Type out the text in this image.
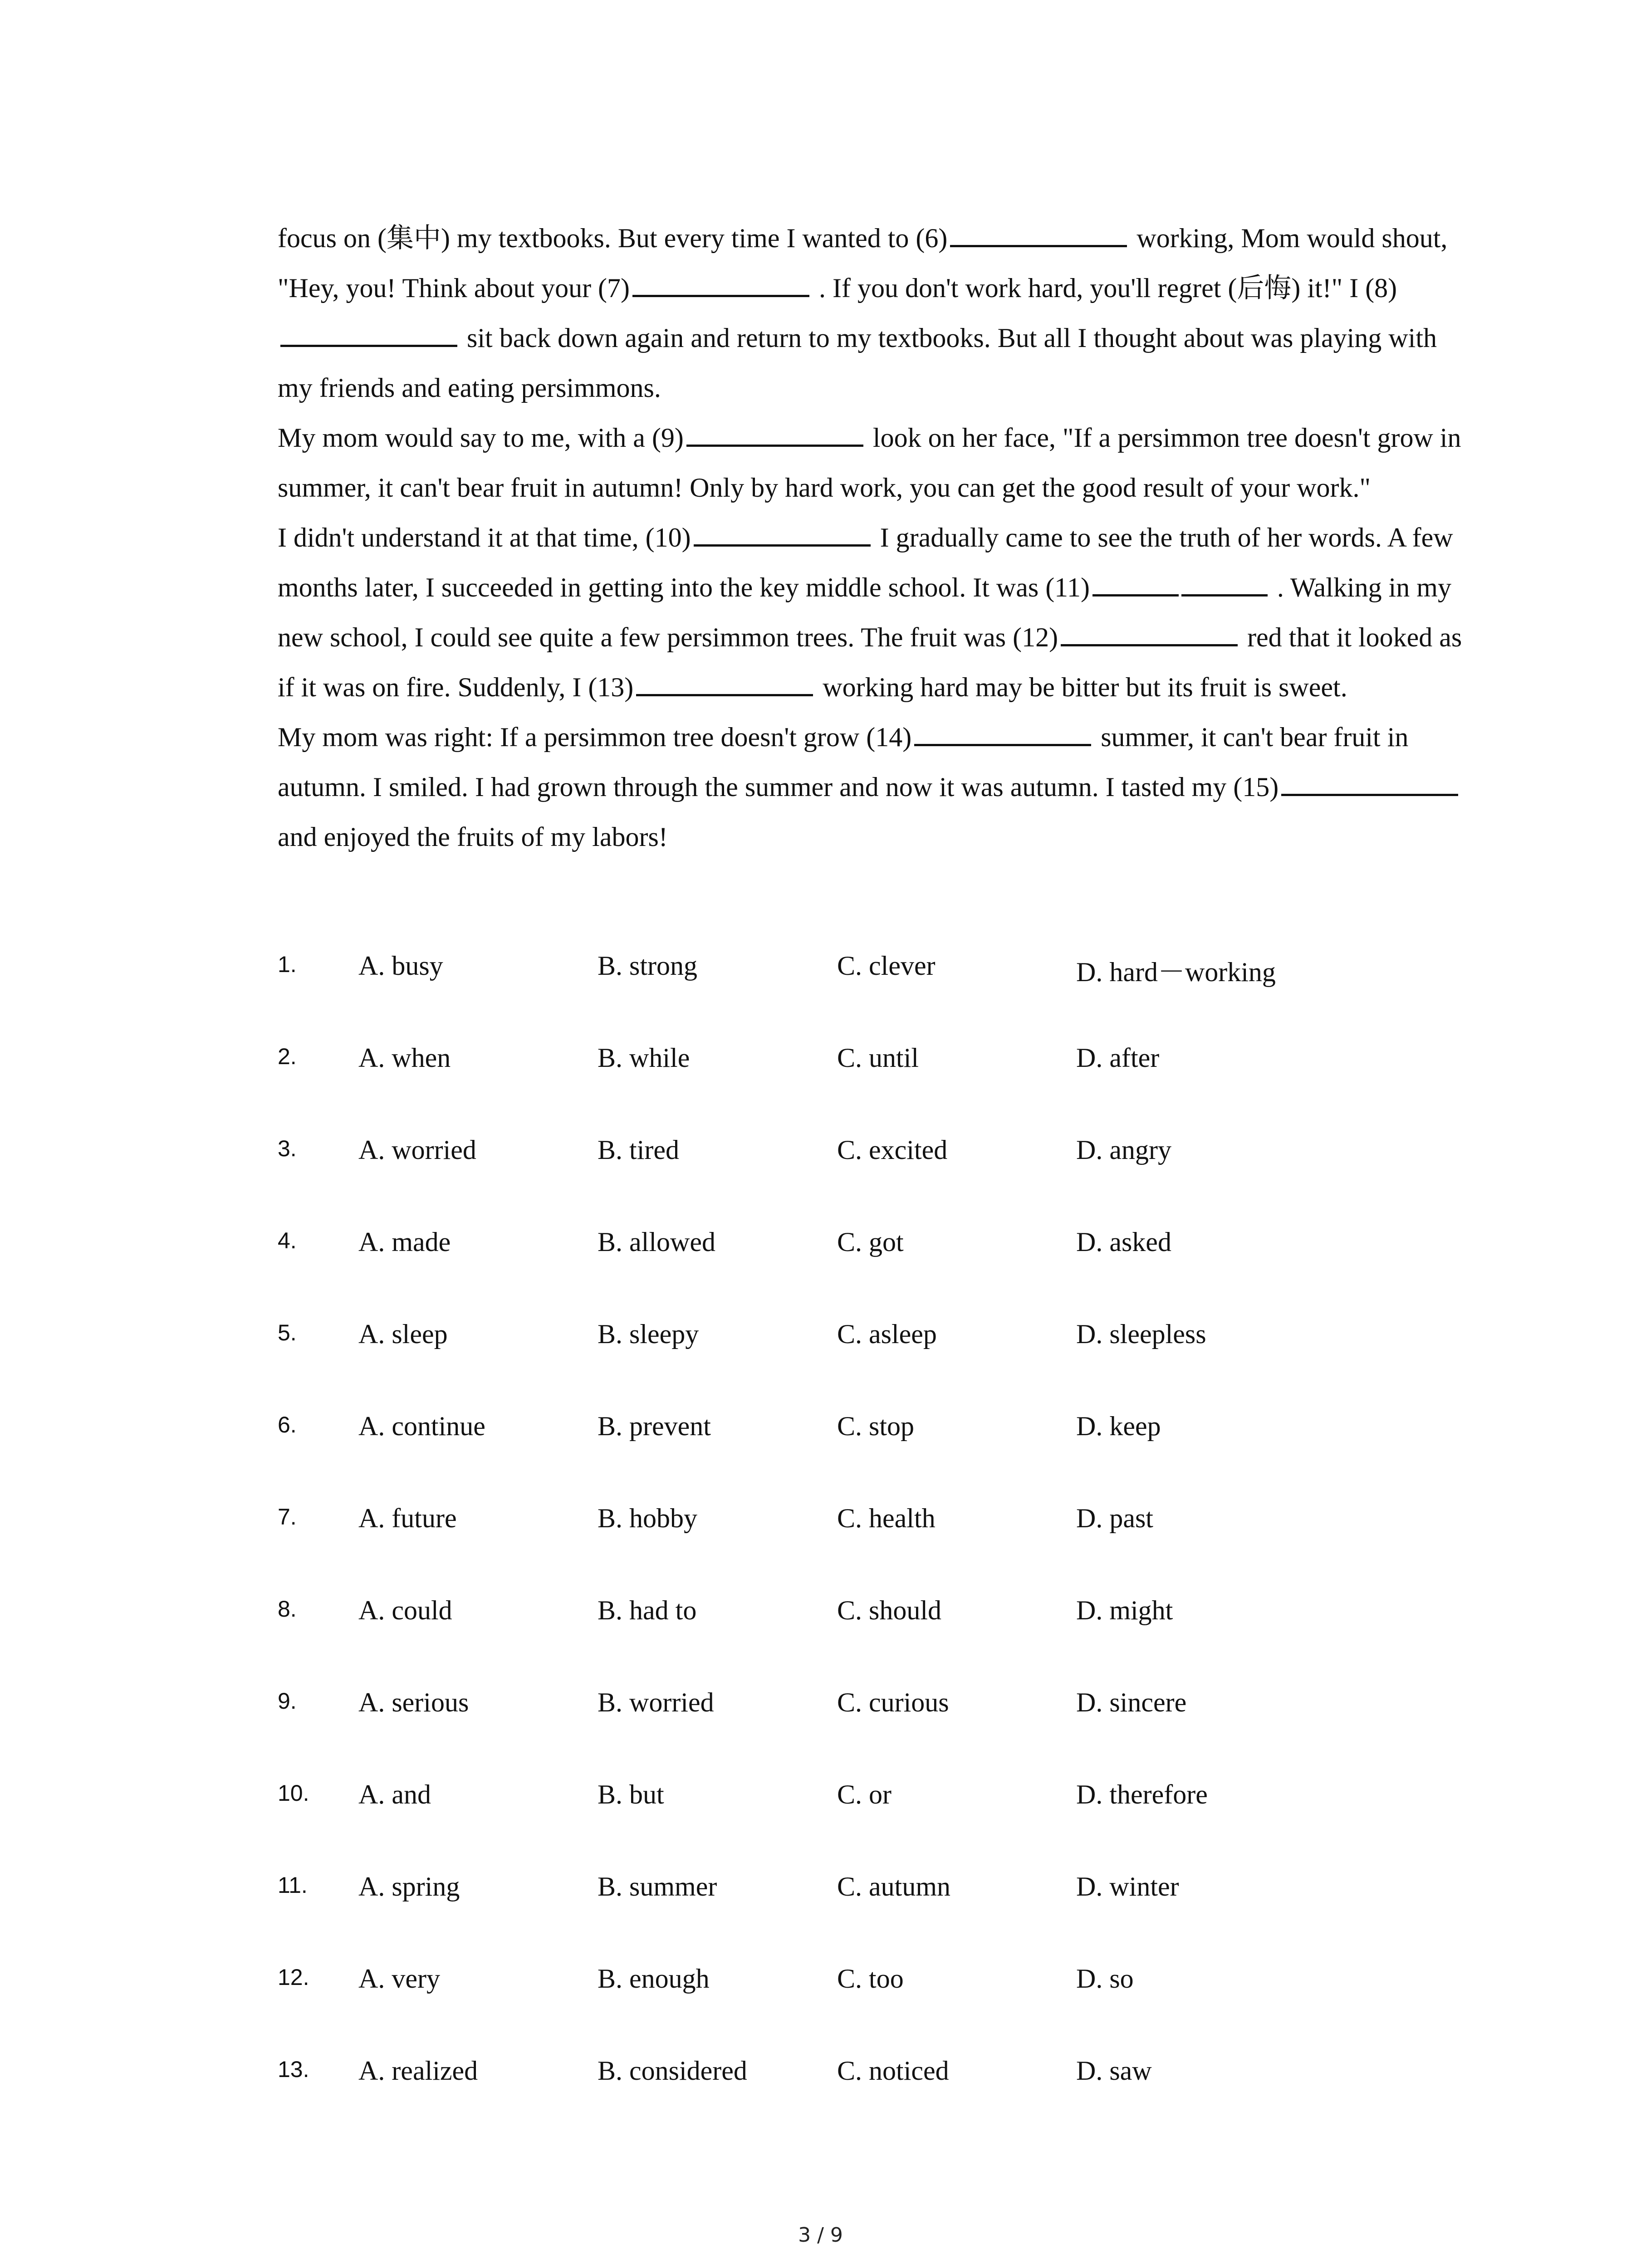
focus on (集中) my textbooks. But every time I wanted to (6)	working, Mom would shout, "Hey, you! Think about your (7)	. If you don't work hard, you'll regret (后悔) it!" I (8) sit back down again and return to my textbooks. But all I thought about was playing with my friends and eating persimmons.

My mom would say to me, with a (9)	look on her face, "If a persimmon tree doesn't grow in summer, it can't bear fruit in autumn! Only by hard work, you can get the good result of your work."

I didn't understand it at that time, (10)	I gradually came to see the truth of her words. A few months later, I succeeded in getting into the key middle school. It was (11)	. Walking in my new school, I could see quite a few persimmon trees. The fruit was (12)	red that it looked as if it was on fire. Suddenly, I (13)	working hard may be bitter but its fruit is sweet.

My mom was right: If a persimmon tree doesn't grow (14)	summer, it can't bear fruit in autumn. I smiled. I had grown through the summer and now it was autumn. I tasted my (15) and enjoyed the fruits of my labors!

1. A. busy	B. strong	C. clever	D. hard－working
2. A. when	B. while	C. until	D. after
3. A. worried	B. tired	C. excited	D. angry
4. A. made	B. allowed	C. got	D. asked
5. A. sleep	B. sleepy	C. asleep	D. sleepless
6. A. continue	B. prevent	C. stop	D. keep
7. A. future	B. hobby	C. health	D. past
8. A. could	B. had to	C. should	D. might
9. A. serious	B. worried	C. curious	D. sincere
10. A. and	B. but	C. or	D. therefore
11. A. spring	B. summer	C. autumn	D. winter
12. A. very	B. enough	C. too	D. so
13. A. realized	B. considered	C. noticed	D. saw
3 / 9
